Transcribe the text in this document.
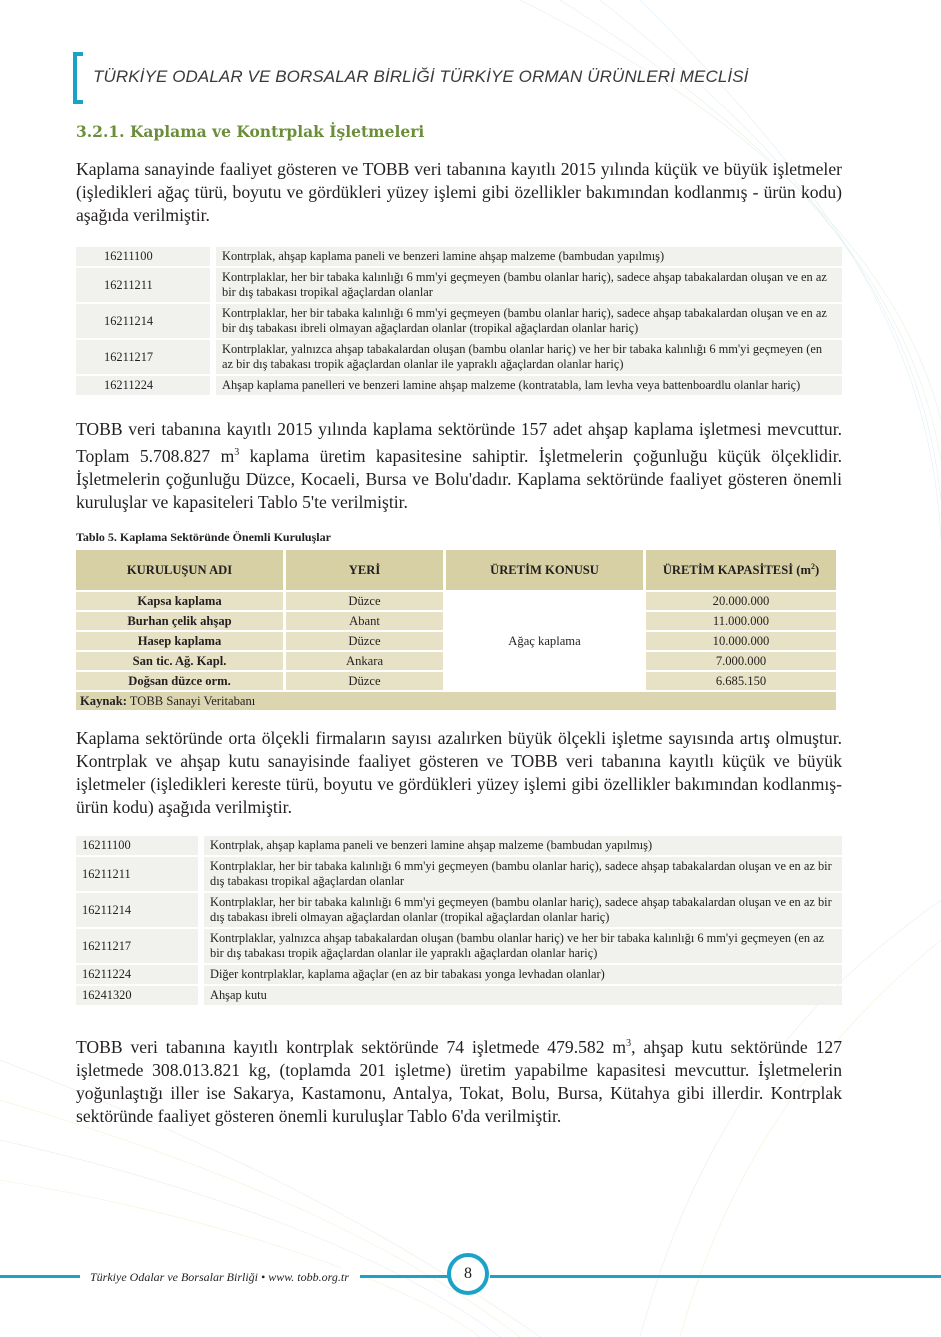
TÜRKİYE ODALAR VE BORSALAR BİRLİĞİ TÜRKİYE ORMAN ÜRÜNLERİ MECLİSİ
3.2.1. Kaplama ve Kontrplak İşletmeleri
Kaplama sanayinde faaliyet gösteren ve TOBB veri tabanına kayıtlı 2015 yılında küçük ve büyük işletmeler (işledikleri ağaç türü, boyutu ve gördükleri yüzey işlemi gibi özellikler bakımından kodlanmış - ürün kodu) aşağıda verilmiştir.
16211100		Kontrplak, ahşap kaplama paneli ve benzeri lamine ahşap malzeme (bambudan yapılmış)
16211211		Kontrplaklar, her bir tabaka kalınlığı 6 mm'yi geçmeyen (bambu olanlar hariç), sadece ahşap tabakalardan oluşan ve en az bir dış tabakası tropikal ağaçlardan olanlar
16211214		Kontrplaklar, her bir tabaka kalınlığı 6 mm'yi geçmeyen (bambu olanlar hariç), sadece ahşap tabakalardan oluşan ve en az bir dış tabakası ibreli olmayan ağaçlardan olanlar (tropikal ağaçlardan olanlar hariç)
16211217		Kontrplaklar, yalnızca ahşap tabakalardan oluşan (bambu olanlar hariç) ve her bir tabaka kalınlığı 6 mm'yi geçmeyen (en az bir dış tabakası tropik ağaçlardan olanlar ile yapraklı ağaçlardan olanlar hariç)
16211224		Ahşap kaplama panelleri ve benzeri lamine ahşap malzeme (kontratabla, lam levha veya battenboardlu olanlar hariç)
TOBB veri tabanına kayıtlı 2015 yılında kaplama sektöründe 157 adet ahşap kaplama işletmesi mevcuttur. Toplam 5.708.827 $m^3$ kaplama üretim kapasitesine sahiptir. İşletmelerin çoğunluğu küçük ölçeklidir. İşletmelerin çoğunluğu Düzce, Kocaeli, Bursa ve Bolu'dadır. Kaplama sektöründe faaliyet gösteren önemli kuruluşlar ve kapasiteleri Tablo 5'te verilmiştir.
Tablo 5. Kaplama Sektöründe Önemli Kuruluşlar
KURULUŞUN ADI	YERİ	ÜRETİM KONUSU	ÜRETİM KAPASİTESİ $(m^2)$
Kapsa kaplama	Düzce	Ağaç kaplama	20.000.000
Burhan çelik ahşap	Abant		11.000.000
Hasep kaplama	Düzce		10.000.000
San tic. Ağ. Kapl.	Ankara		7.000.000
Doğsan düzce orm.	Düzce		6.685.150
Kaynak: TOBB Sanayi Veritabanı			
Kaplama sektöründe orta ölçekli firmaların sayısı azalırken büyük ölçekli işletme sayısında artış olmuştur. Kontrplak ve ahşap kutu sanayisinde faaliyet gösteren ve TOBB veri tabanına kayıtlı küçük ve büyük işletmeler (işledikleri kereste türü, boyutu ve gördükleri yüzey işlemi gibi özellikler bakımından kodlanmış-ürün kodu) aşağıda verilmiştir.
16211100		Kontrplak, ahşap kaplama paneli ve benzeri lamine ahşap malzeme (bambudan yapılmış)
16211211		Kontrplaklar, her bir tabaka kalınlığı 6 mm'yi geçmeyen (bambu olanlar hariç), sadece ahşap tabakalardan oluşan ve en az bir dış tabakası tropikal ağaçlardan olanlar
16211214		Kontrplaklar, her bir tabaka kalınlığı 6 mm'yi geçmeyen (bambu olanlar hariç), sadece ahşap tabakalardan oluşan ve en az bir dış tabakası ibreli olmayan ağaçlardan olanlar (tropikal ağaçlardan olanlar hariç)
16211217		Kontrplaklar, yalnızca ahşap tabakalardan oluşan (bambu olanlar hariç) ve her bir tabaka kalınlığı 6 mm'yi geçmeyen (en az bir dış tabakası tropik ağaçlardan olanlar ile yapraklı ağaçlardan olanlar hariç)
16211224		Diğer kontrplaklar, kaplama ağaçlar (en az bir tabakası yonga levhadan olanlar)
16241320		Ahşap kutu
TOBB veri tabanına kayıtlı kontrplak sektöründe 74 işletmede 479.582 $m^3$, ahşap kutu sektöründe 127 işletmede 308.013.821 kg, (toplamda 201 işletme) üretim yapabilme kapasitesi mevcuttur. İşletmelerin yoğunlaştığı iller ise Sakarya, Kastamonu, Antalya, Tokat, Bolu, Bursa, Kütahya gibi illerdir. Kontrplak sektöründe faaliyet gösteren önemli kuruluşlar Tablo 6'da verilmiştir.
Türkiye Odalar ve Borsalar Birliği • www. tobb.org.tr	8
